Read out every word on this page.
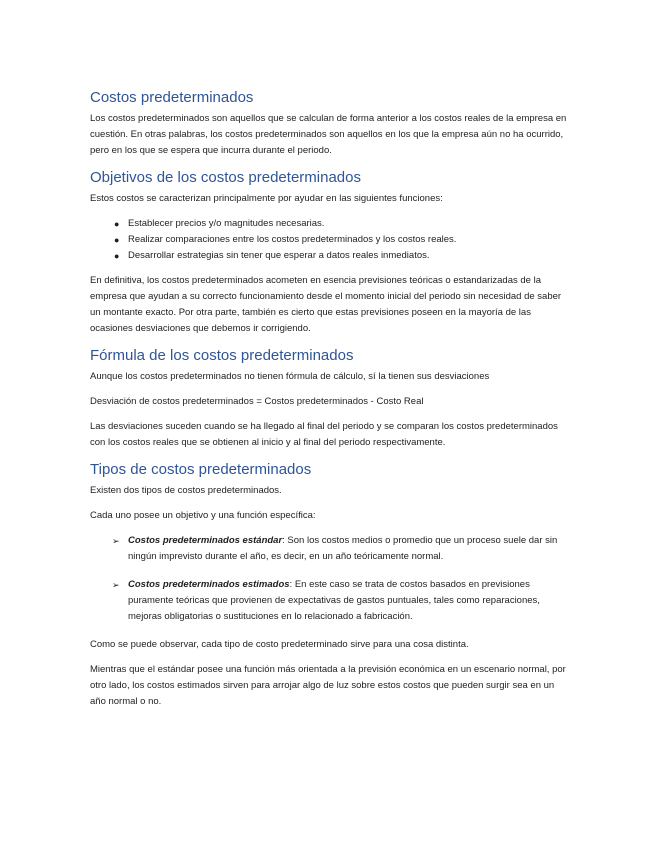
Costos predeterminados

Los costos predeterminados son aquellos que se calculan de forma anterior a los costos reales de la empresa en cuestión. En otras palabras, los costos predeterminados son aquellos en los que la empresa aún no ha ocurrido, pero en los que se espera que incurra durante el periodo.

Objetivos de los costos predeterminados

Estos costos se caracterizan principalmente por ayudar en las siguientes funciones:

● Establecer precios y/o magnitudes necesarias.
● Realizar comparaciones entre los costos predeterminados y los costos reales.
● Desarrollar estrategias sin tener que esperar a datos reales inmediatos.

En definitiva, los costos predeterminados acometen en esencia previsiones teóricas o estandarizadas de la empresa que ayudan a su correcto funcionamiento desde el momento inicial del periodo sin necesidad de saber un montante exacto. Por otra parte, también es cierto que estas previsiones poseen en la mayoría de las ocasiones desviaciones que debemos ir corrigiendo.

Fórmula de los costos predeterminados

Aunque los costos predeterminados no tienen fórmula de cálculo, sí la tienen sus desviaciones

Desviación de costos predeterminados = Costos predeterminados - Costo Real

Las desviaciones suceden cuando se ha llegado al final del periodo y se comparan los costos predeterminados con los costos reales que se obtienen al inicio y al final del periodo respectivamente.

Tipos de costos predeterminados

Existen dos tipos de costos predeterminados.

Cada uno posee un objetivo y una función específica:

➢ Costos predeterminados estándar: Son los costos medios o promedio que un proceso suele dar sin ningún imprevisto durante el año, es decir, en un año teóricamente normal.
➢ Costos predeterminados estimados: En este caso se trata de costos basados en previsiones puramente teóricas que provienen de expectativas de gastos puntuales, tales como reparaciones, mejoras obligatorias o sustituciones en lo relacionado a fabricación.

Como se puede observar, cada tipo de costo predeterminado sirve para una cosa distinta.

Mientras que el estándar posee una función más orientada a la previsión económica en un escenario normal, por otro lado, los costos estimados sirven para arrojar algo de luz sobre estos costos que pueden surgir sea en un año normal o no.
